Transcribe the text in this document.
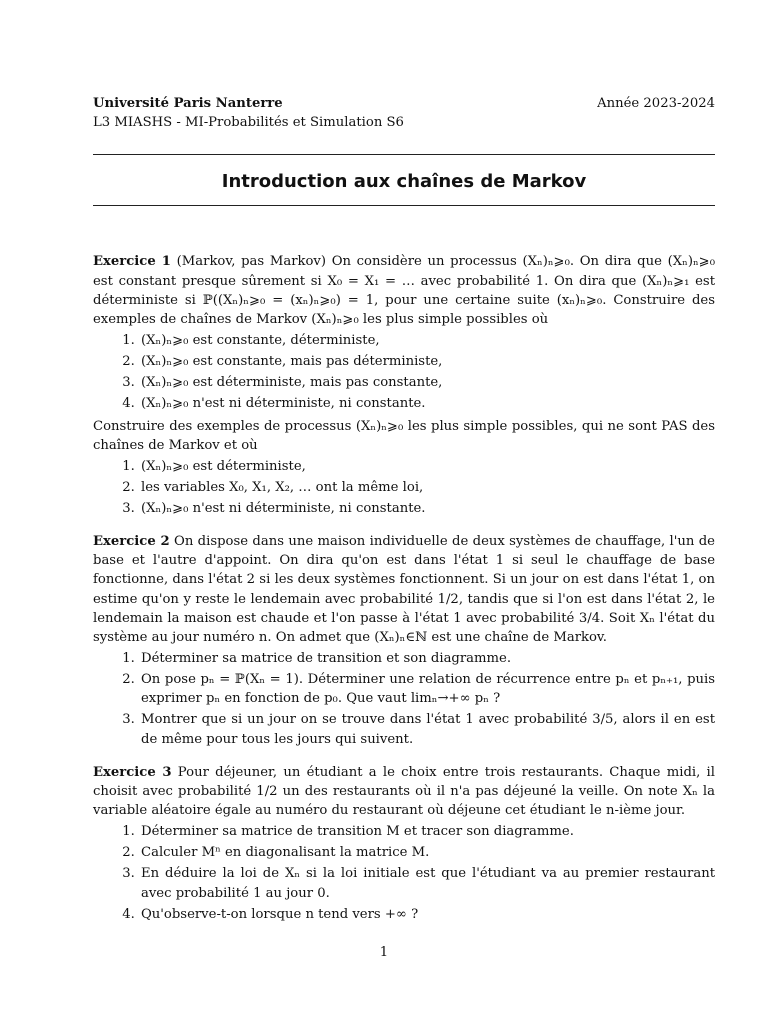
Université Paris Nanterre
L3 MIASHS - MI-Probabilités et Simulation S6
Année 2023-2024
Introduction aux chaînes de Markov
Exercice 1 (Markov, pas Markov) On considère un processus (Xₙ)ₙ⩾₀. On dira que (Xₙ)ₙ⩾₀ est constant presque sûrement si X₀ = X₁ = … avec probabilité 1. On dira que (Xₙ)ₙ⩾₁ est déterministe si ℙ((Xₙ)ₙ⩾₀ = (xₙ)ₙ⩾₀) = 1, pour une certaine suite (xₙ)ₙ⩾₀. Construire des exemples de chaînes de Markov (Xₙ)ₙ⩾₀ les plus simple possibles où
1. (Xₙ)ₙ⩾₀ est constante, déterministe,
2. (Xₙ)ₙ⩾₀ est constante, mais pas déterministe,
3. (Xₙ)ₙ⩾₀ est déterministe, mais pas constante,
4. (Xₙ)ₙ⩾₀ n'est ni déterministe, ni constante.
Construire des exemples de processus (Xₙ)ₙ⩾₀ les plus simple possibles, qui ne sont PAS des chaînes de Markov et où
1. (Xₙ)ₙ⩾₀ est déterministe,
2. les variables X₀, X₁, X₂, … ont la même loi,
3. (Xₙ)ₙ⩾₀ n'est ni déterministe, ni constante.
Exercice 2 On dispose dans une maison individuelle de deux systèmes de chauffage, l'un de base et l'autre d'appoint. On dira qu'on est dans l'état 1 si seul le chauffage de base fonctionne, dans l'état 2 si les deux systèmes fonctionnent. Si un jour on est dans l'état 1, on estime qu'on y reste le lendemain avec probabilité 1/2, tandis que si l'on est dans l'état 2, le lendemain la maison est chaude et l'on passe à l'état 1 avec probabilité 3/4. Soit Xₙ l'état du système au jour numéro n. On admet que (Xₙ)ₙ∈ℕ est une chaîne de Markov.
1. Déterminer sa matrice de transition et son diagramme.
2. On pose pₙ = ℙ(Xₙ = 1). Déterminer une relation de récurrence entre pₙ et pₙ₊₁, puis exprimer pₙ en fonction de p₀. Que vaut limₙ→+∞ pₙ ?
3. Montrer que si un jour on se trouve dans l'état 1 avec probabilité 3/5, alors il en est de même pour tous les jours qui suivent.
Exercice 3 Pour déjeuner, un étudiant a le choix entre trois restaurants. Chaque midi, il choisit avec probabilité 1/2 un des restaurants où il n'a pas déjeuné la veille. On note Xₙ la variable aléatoire égale au numéro du restaurant où déjeune cet étudiant le n-ième jour.
1. Déterminer sa matrice de transition M et tracer son diagramme.
2. Calculer Mⁿ en diagonalisant la matrice M.
3. En déduire la loi de Xₙ si la loi initiale est que l'étudiant va au premier restaurant avec probabilité 1 au jour 0.
4. Qu'observe-t-on lorsque n tend vers +∞ ?
1
